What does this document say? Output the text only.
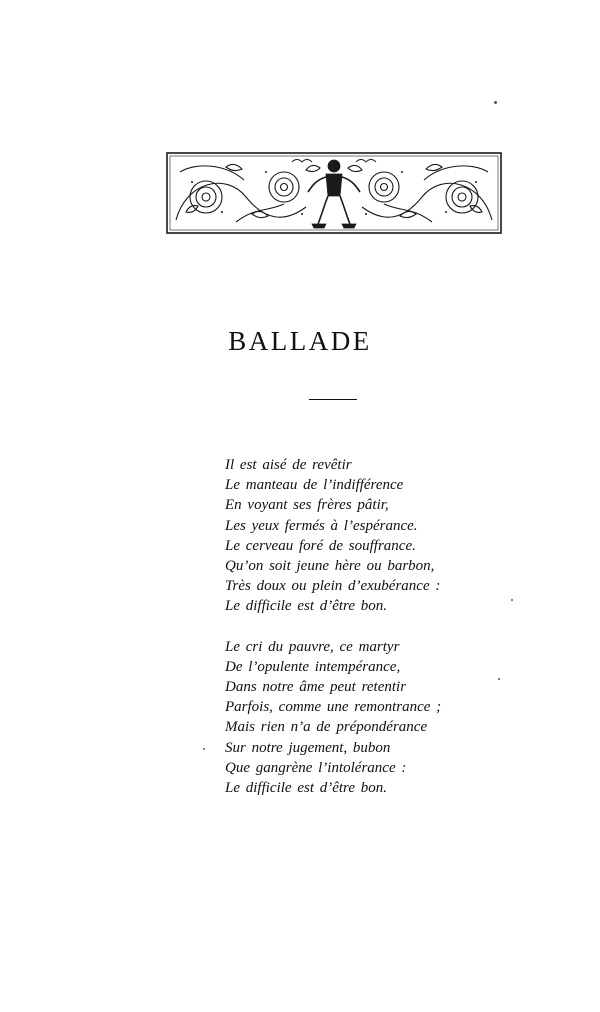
BALLADE
Il est aisé de revêtir
Le manteau de l’indifférence
En voyant ses frères pâtir,
Les yeux fermés à l’espérance.
Le cerveau foré de souffrance.
Qu’on soit jeune hère ou barbon,
Très doux ou plein d’exubérance :
Le difficile est d’être bon.
Le cri du pauvre, ce martyr
De l’opulente intempérance,
Dans notre âme peut retentir
Parfois, comme une remontrance ;
Mais rien n’a de prépondérance
Sur notre jugement, bubon
Que gangrène l’intolérance :
Le difficile est d’être bon.
